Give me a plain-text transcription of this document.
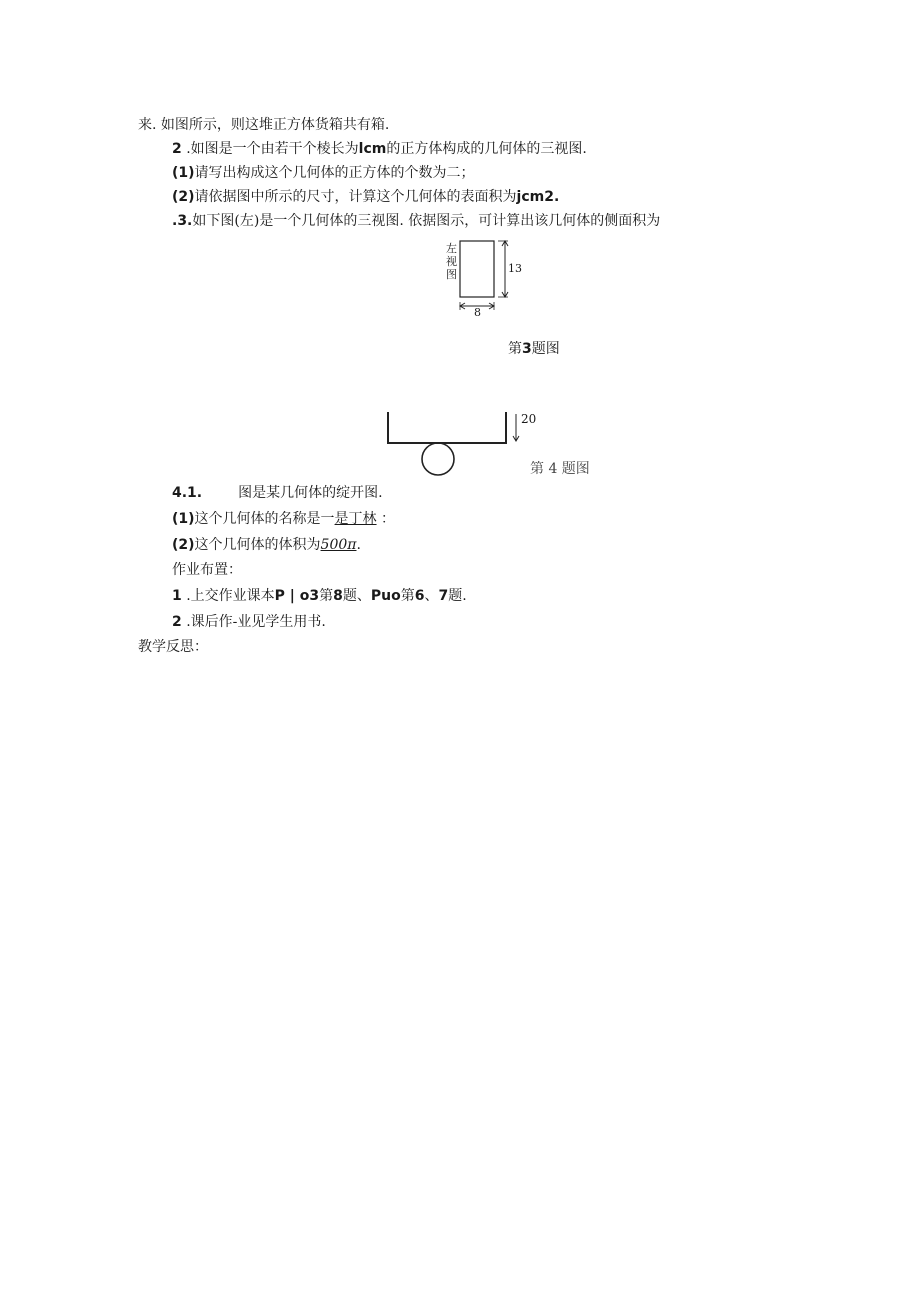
来. 如图所示，则这堆正方体货箱共有箱.
2 .如图是一个由若干个棱长为lcm的正方体构成的几何体的三视图.
(1)请写出构成这个几何体的正方体的个数为二；
(2)请依据图中所示的尺寸，计算这个几何体的表面积为jcm2.
.3.如下图(左)是一个几何体的三视图. 依据图示，可计算出该几何体的侧面积为
左视图	13
8
第3题图
20
第 4 题图
4.1.	图是某几何体的绽开图.
(1)这个几何体的名称是一是丁林 ：
(2)这个几何体的体积为500π.
作业布置：
1 .上交作业课本P | o3第8题、Puo第6、7题.
2 .课后作-业见学生用书.
教学反思：
